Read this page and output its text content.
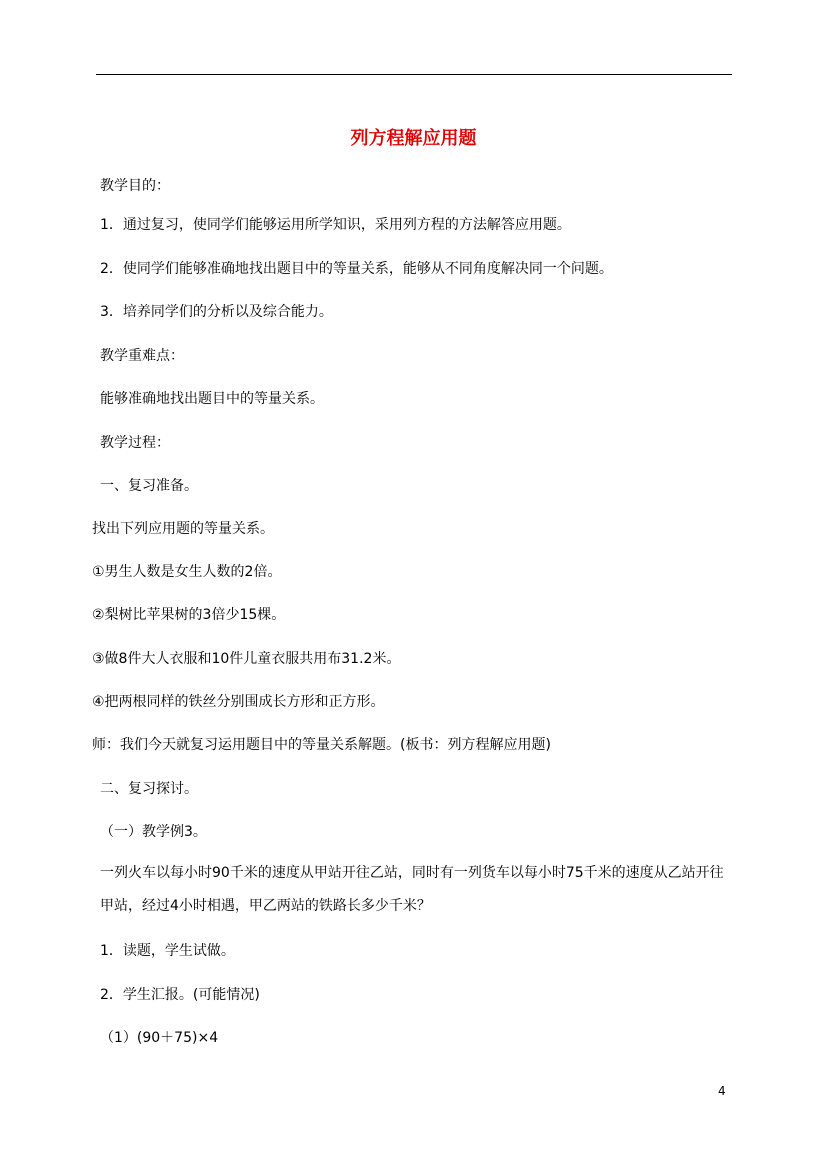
列方程解应用题
教学目的：
1．通过复习，使同学们能够运用所学知识，采用列方程的方法解答应用题。
2．使同学们能够准确地找出题目中的等量关系，能够从不同角度解决同一个问题。
3．培养同学们的分析以及综合能力。
教学重难点：
能够准确地找出题目中的等量关系。
教学过程：
一、复习准备。
找出下列应用题的等量关系。
①男生人数是女生人数的2倍。
②梨树比苹果树的3倍少15棵。
③做8件大人衣服和10件儿童衣服共用布31.2米。
④把两根同样的铁丝分别围成长方形和正方形。
师：我们今天就复习运用题目中的等量关系解题。(板书：列方程解应用题)
二、复习探讨。
（一）教学例3。
一列火车以每小时90千米的速度从甲站开往乙站，同时有一列货车以每小时75千米的速度从乙站开往甲站，经过4小时相遇，甲乙两站的铁路长多少千米？
1．读题，学生试做。
2．学生汇报。(可能情况)
（1）(90＋75)×4
4
